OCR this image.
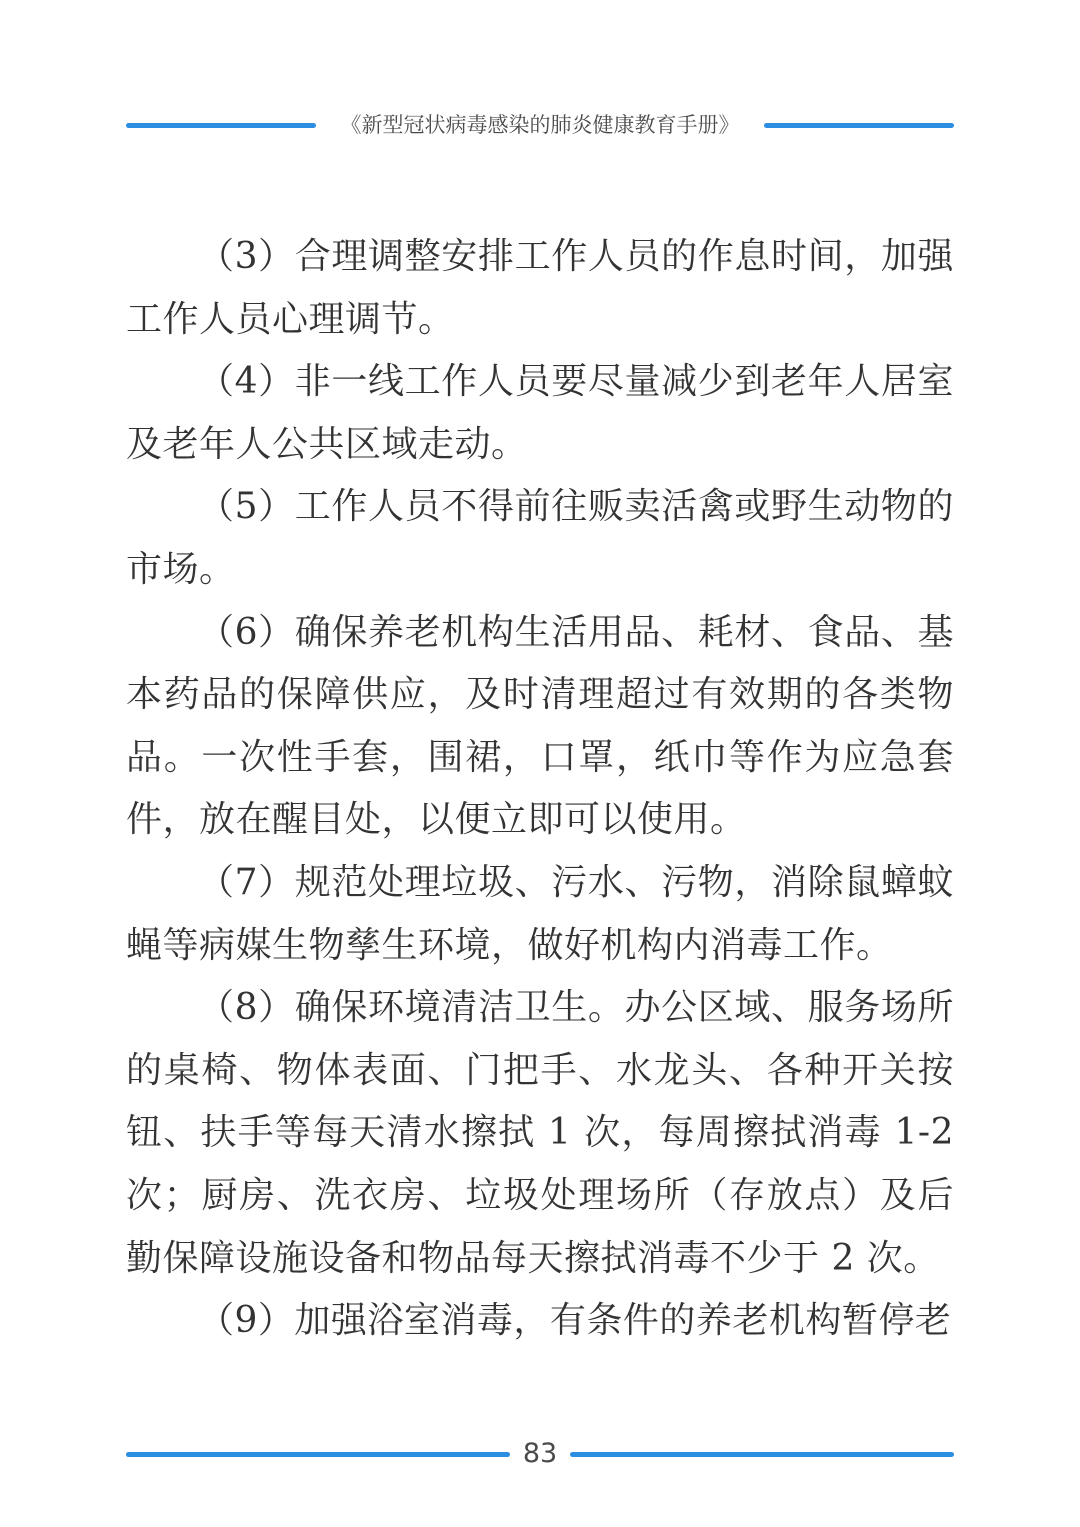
《新型冠状病毒感染的肺炎健康教育手册》

（3）合理调整安排工作人员的作息时间，加强工作人员心理调节。

（4）非一线工作人员要尽量减少到老年人居室及老年人公共区域走动。

（5）工作人员不得前往贩卖活禽或野生动物的市场。

（6）确保养老机构生活用品、耗材、食品、基本药品的保障供应，及时清理超过有效期的各类物品。一次性手套，围裙，口罩，纸巾等作为应急套件，放在醒目处，以便立即可以使用。

（7）规范处理垃圾、污水、污物，消除鼠蟑蚊蝇等病媒生物孳生环境，做好机构内消毒工作。

（8）确保环境清洁卫生。办公区域、服务场所的桌椅、物体表面、门把手、水龙头、各种开关按钮、扶手等每天清水擦拭 1 次，每周擦拭消毒 1-2 次；厨房、洗衣房、垃圾处理场所（存放点）及后勤保障设施设备和物品每天擦拭消毒不少于 2 次。

（9）加强浴室消毒，有条件的养老机构暂停老

83
